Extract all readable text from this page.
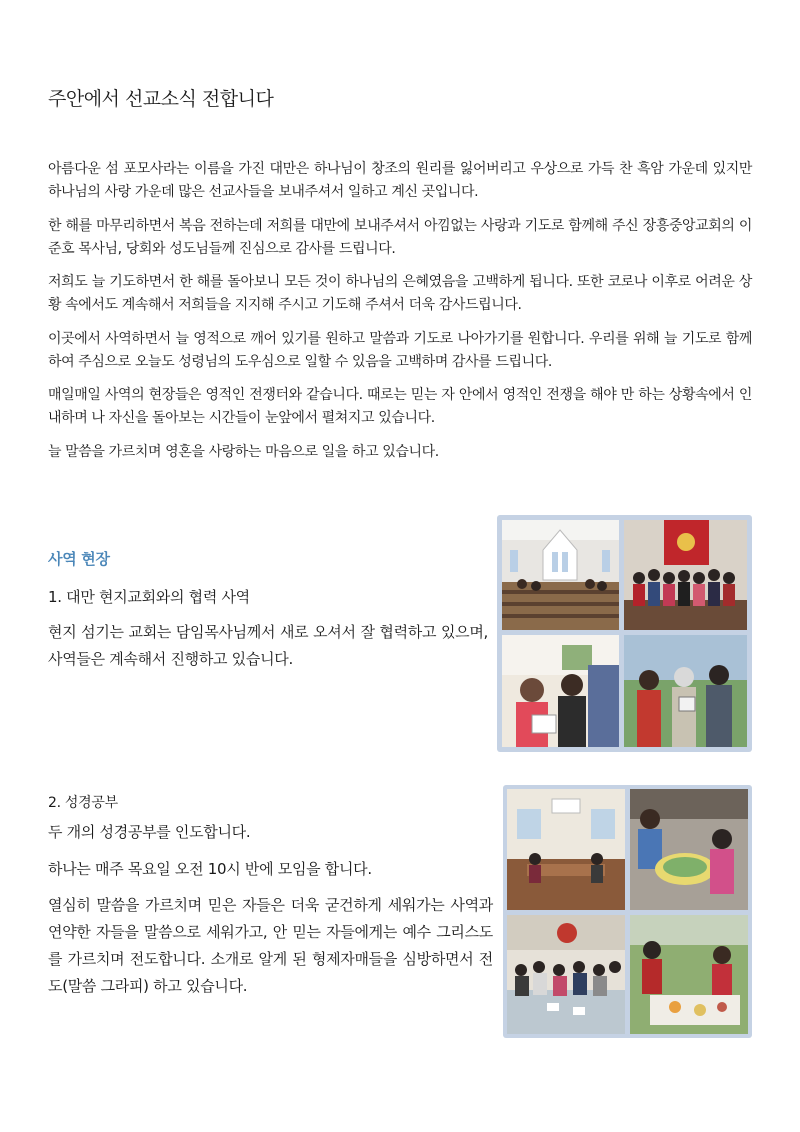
주안에서 선교소식 전합니다

아름다운 섬 포모사라는 이름을 가진 대만은 하나님이 창조의 원리를 잃어버리고 우상으로 가득 찬 흑암 가운데 있지만 하나님의 사랑 가운데 많은 선교사들을 보내주셔서 일하고 계신 곳입니다.

한 해를 마무리하면서 복음 전하는데 저희를 대만에 보내주셔서 아낌없는 사랑과 기도로 함께해 주신 장흥중앙교회의 이준호 목사님, 당회와 성도님들께 진심으로 감사를 드립니다.

저희도 늘 기도하면서 한 해를 돌아보니 모든 것이 하나님의 은혜였음을 고백하게 됩니다. 또한 코로나 이후로 어려운 상황 속에서도 계속해서 저희들을 지지해 주시고 기도해 주셔서 더욱 감사드립니다.

이곳에서 사역하면서 늘 영적으로 깨어 있기를 원하고 말씀과 기도로 나아가기를 원합니다. 우리를 위해 늘 기도로 함께하여 주심으로 오늘도 성령님의 도우심으로 일할 수 있음을 고백하며 감사를 드립니다.

매일매일 사역의 현장들은 영적인 전쟁터와 같습니다. 때로는 믿는 자 안에서 영적인 전쟁을 해야 만 하는 상황속에서 인내하며 나 자신을 돌아보는 시간들이 눈앞에서 펼쳐지고 있습니다.

늘 말씀을 가르치며 영혼을 사랑하는 마음으로 일을 하고 있습니다.

사역 현장
1. 대만 현지교회와의 협력 사역

현지 섬기는 교회는 담임목사님께서 새로 오셔서 잘 협력하고 있으며, 사역들은 계속해서 진행하고 있습니다.

2. 성경공부

두 개의 성경공부를 인도합니다.

하나는 매주 목요일 오전 10시 반에 모임을 합니다.

열심히 말씀을 가르치며 믿은 자들은 더욱 굳건하게 세워가는 사역과 연약한 자들을 말씀으로 세워가고, 안 믿는 자들에게는 예수 그리스도를 가르치며 전도합니다. 소개로 알게 된 형제자매들을 심방하면서 전도(말씀 그라피) 하고 있습니다.
